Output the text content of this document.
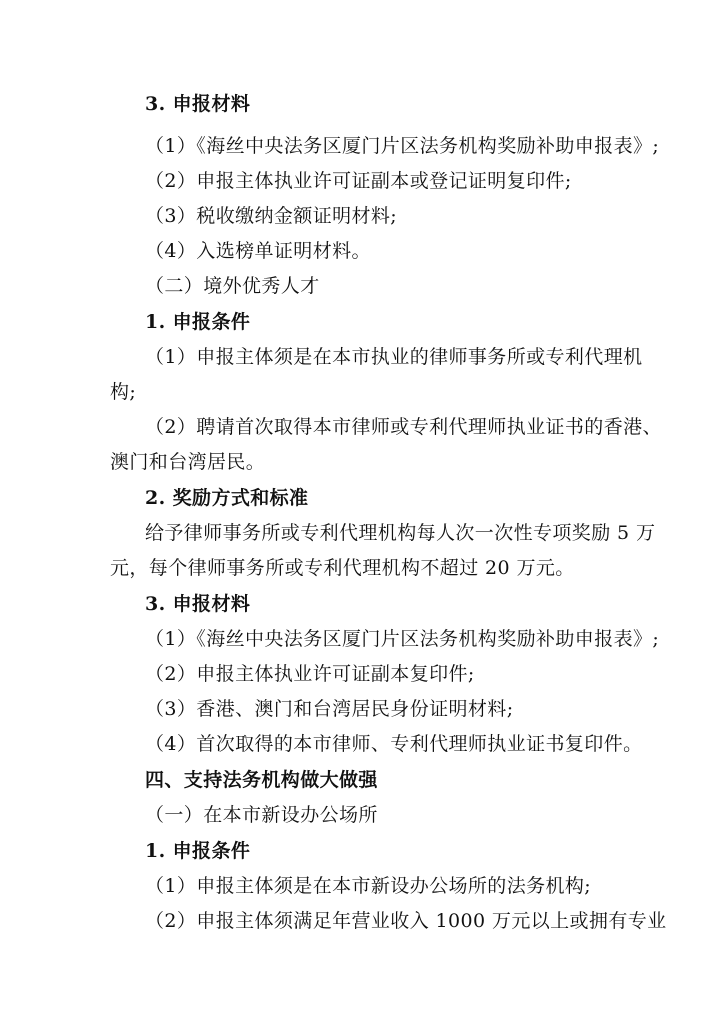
3. 申报材料
（1）《海丝中央法务区厦门片区法务机构奖励补助申报表》;
（2）申报主体执业许可证副本或登记证明复印件;
（3）税收缴纳金额证明材料;
（4）入选榜单证明材料。
（二）境外优秀人才
1. 申报条件
（1）申报主体须是在本市执业的律师事务所或专利代理机
构;
（2）聘请首次取得本市律师或专利代理师执业证书的香港、
澳门和台湾居民。
2. 奖励方式和标准
给予律师事务所或专利代理机构每人次一次性专项奖励 5 万
元，每个律师事务所或专利代理机构不超过 20 万元。
3. 申报材料
（1）《海丝中央法务区厦门片区法务机构奖励补助申报表》;
（2）申报主体执业许可证副本复印件;
（3）香港、澳门和台湾居民身份证明材料;
（4）首次取得的本市律师、专利代理师执业证书复印件。
四、支持法务机构做大做强
（一）在本市新设办公场所
1. 申报条件
（1）申报主体须是在本市新设办公场所的法务机构;
（2）申报主体须满足年营业收入 1000 万元以上或拥有专业
